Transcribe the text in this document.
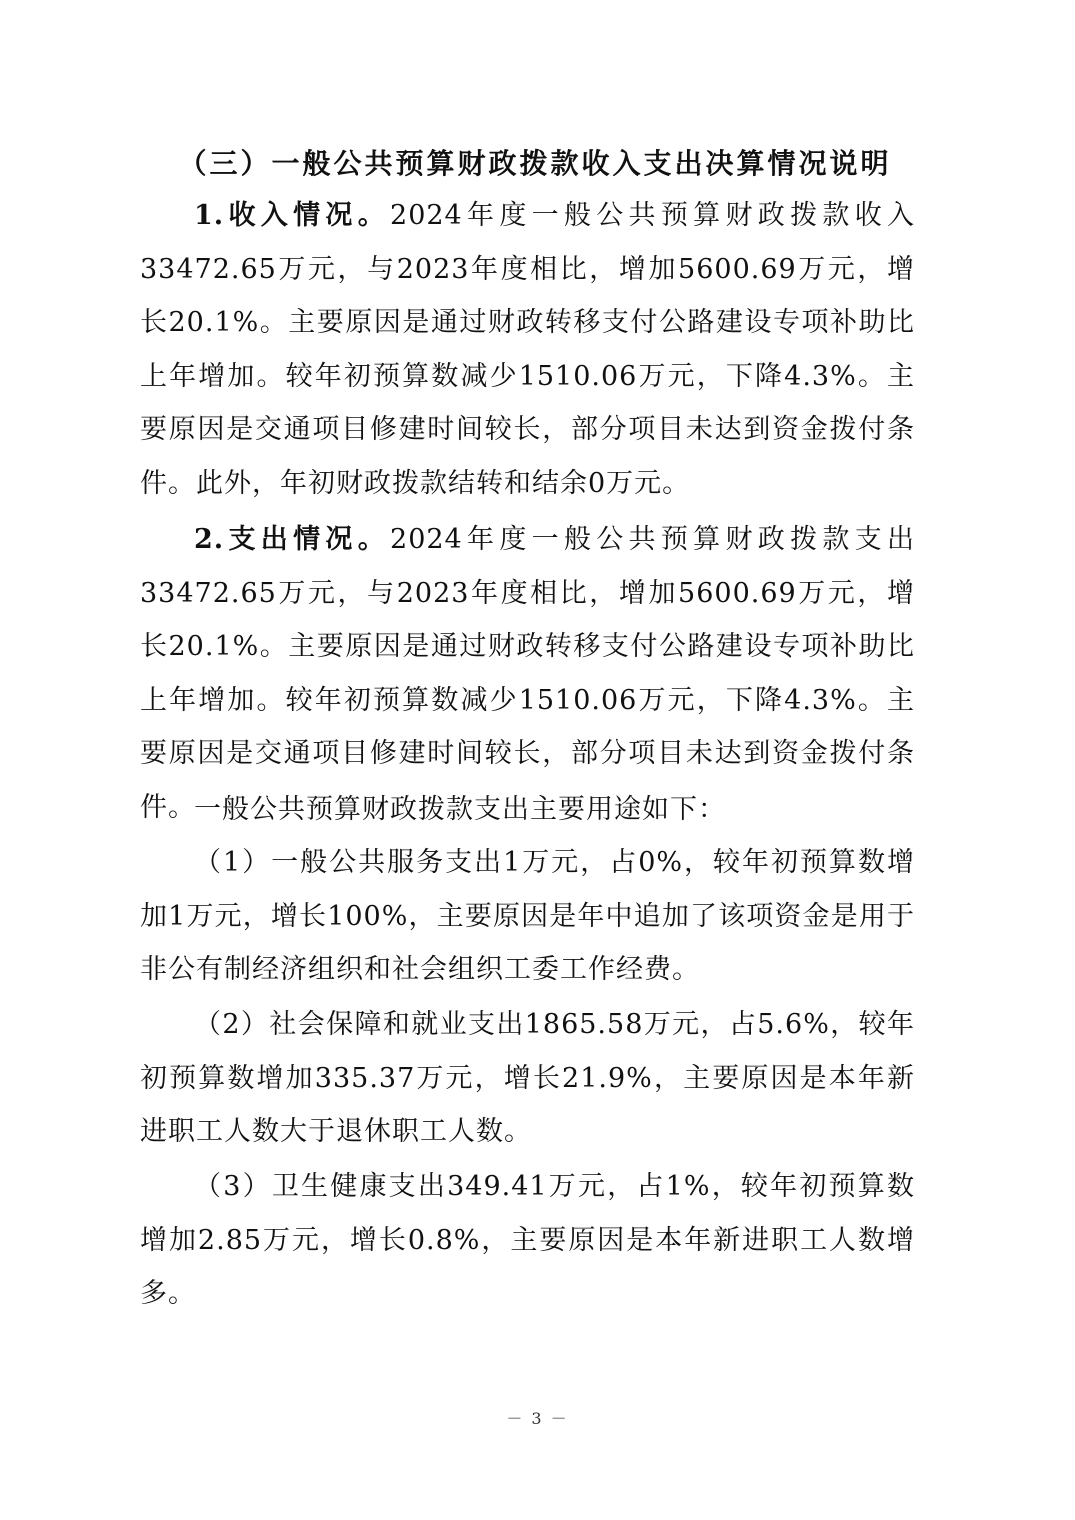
（三）一般公共预算财政拨款收入支出决算情况说明
1.收入情况。2024年度一般公共预算财政拨款收入33472.65万元，与2023年度相比，增加5600.69万元，增长20.1%。主要原因是通过财政转移支付公路建设专项补助比上年增加。较年初预算数减少1510.06万元，下降4.3%。主要原因是交通项目修建时间较长，部分项目未达到资金拨付条件。此外，年初财政拨款结转和结余0万元。
2.支出情况。2024年度一般公共预算财政拨款支出33472.65万元，与2023年度相比，增加5600.69万元，增长20.1%。主要原因是通过财政转移支付公路建设专项补助比上年增加。较年初预算数减少1510.06万元，下降4.3%。主要原因是交通项目修建时间较长，部分项目未达到资金拨付条件。
一般公共预算财政拨款支出主要用途如下：
（1）一般公共服务支出1万元，占0%，较年初预算数增加1万元，增长100%，主要原因是年中追加了该项资金是用于非公有制经济组织和社会组织工委工作经费。
（2）社会保障和就业支出1865.58万元，占5.6%，较年初预算数增加335.37万元，增长21.9%，主要原因是本年新进职工人数大于退休职工人数。
（3）卫生健康支出349.41万元，占1%，较年初预算数增加2.85万元，增长0.8%，主要原因是本年新进职工人数增多。
－ 3 －
